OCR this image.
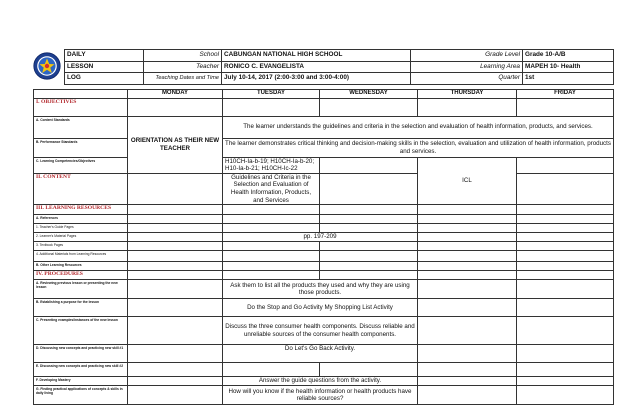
DAILY	School	CABUNGAN NATIONAL HIGH SCHOOL	Grade Level	Grade 10-A/B
LESSON	Teacher	RONICO C. EVANGELISTA	Learning Area	MAPEH 10- Health
LOG	Teaching Dates and Time	July 10-14, 2017 (2:00-3:00 and 3:00-4:00)	Quarter	1st
	MONDAY	TUESDAY	WEDNESDAY	THURSDAY	FRIDAY
I. OBJECTIVES					
A. Content Standards	ORIENTATION AS THEIR NEW TEACHER	The learner understands the guidelines and criteria in the selection and evaluation of health information, products, and services.			
B. Performance Standards		The learner demonstrates critical thinking and decision-making skills in the selection, evaluation and utilization of health information, products and services.			
C. Learning Competencies/Objectives		H10CH-Ia-b-19; H10CH-Ia-b-20; H10-Ia-b-21; H10CH-Ic-22		ICL	
II. CONTENT		Guidelines and Criteria in the Selection and Evaluation of Health Information, Products, and Services			
III. LEARNING RESOURCES					
A. References					
1. Teacher's Guide Pages					
2. Learner's Material Pages		pp. 197-209			
3. Textbook Pages					
4. Additional Materials from Learning Resources					
B. Other Learning Resources					
IV. PROCEDURES					
A. Reviewing previous lesson or presenting the new lesson		Ask them to list all the products they used and why they are using those products.			
B. Establishing a purpose for the lesson		Do the Stop and Go Activity My Shopping List Activity			
C. Presenting examples/instances of the new lesson		Discuss the three consumer health components. Discuss reliable and unreliable sources of the consumer health components.			
D. Discussing new concepts and practicing new skill #1		Do Let's Go Back Activity.			
E. Discussing new concepts and practicing new skill #2					
F. Developing Mastery		Answer the guide questions from the activity.			
G. Finding practical applications of concepts & skills in daily living		How will you know if the health information or health products have reliable sources?			
